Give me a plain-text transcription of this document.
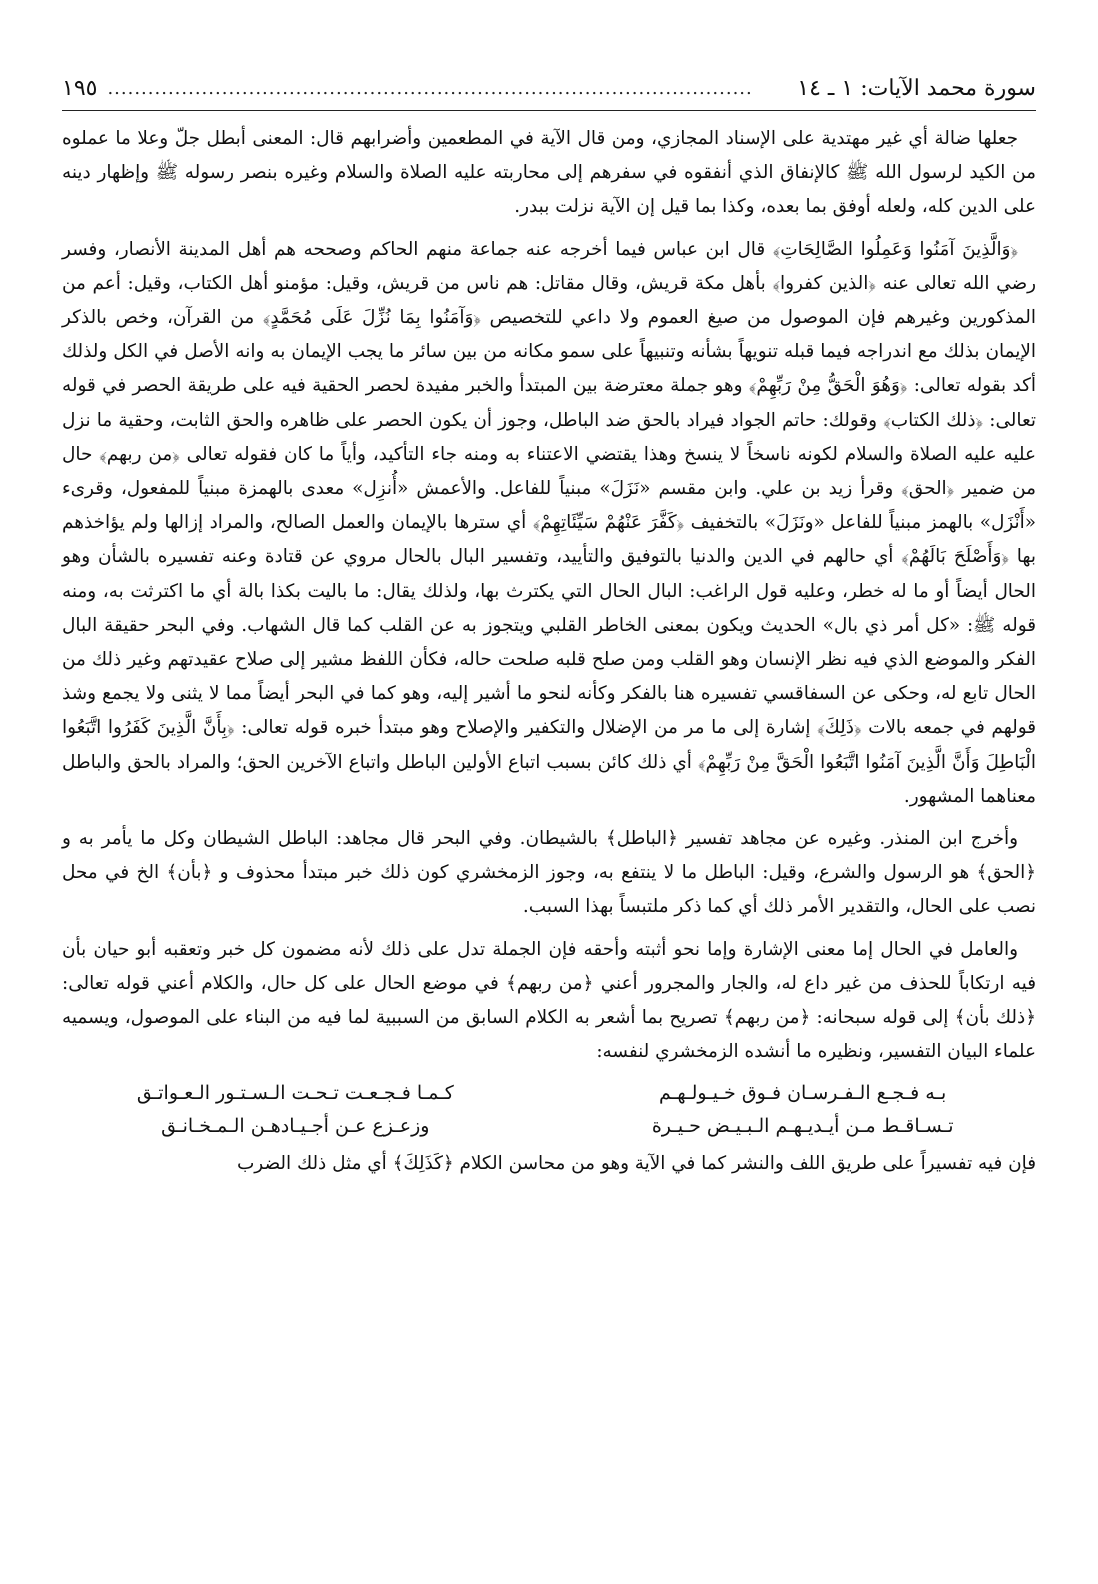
سورة محمد الآيات: ١ ـ ١٤
................................................................................................
١٩٥

جعلها ضالة أي غير مهتدية على الإسناد المجازي، ومن قال الآية في المطعمين وأضرابهم قال: المعنى أبطل جلّ وعلا ما عملوه من الكيد لرسول الله ﷺ كالإنفاق الذي أنفقوه في سفرهم إلى محاربته عليه الصلاة والسلام وغيره بنصر رسوله ﷺ وإظهار دينه على الدين كله، ولعله أوفق بما بعده، وكذا بما قيل إن الآية نزلت ببدر.

﴿وَالَّذِينَ آمَنُوا وَعَمِلُوا الصَّالِحَاتِ﴾ قال ابن عباس فيما أخرجه عنه جماعة منهم الحاكم وصححه هم أهل المدينة الأنصار، وفسر رضي الله تعالى عنه ﴿الذين كفروا﴾ بأهل مكة قريش، وقال مقاتل: هم ناس من قريش، وقيل: مؤمنو أهل الكتاب، وقيل: أعم من المذكورين وغيرهم فإن الموصول من صيغ العموم ولا داعي للتخصيص ﴿وَآمَنُوا بِمَا نُزِّلَ عَلَى مُحَمَّدٍ﴾ من القرآن، وخص بالذكر الإيمان بذلك مع اندراجه فيما قبله تنويهاً بشأنه وتنبيهاً على سمو مكانه من بين سائر ما يجب الإيمان به وانه الأصل في الكل ولذلك أكد بقوله تعالى: ﴿وَهُوَ الْحَقُّ مِنْ رَبِّهِمْ﴾ وهو جملة معترضة بين المبتدأ والخبر مفيدة لحصر الحقية فيه على طريقة الحصر في قوله تعالى: ﴿ذلك الكتاب﴾ وقولك: حاتم الجواد فيراد بالحق ضد الباطل، وجوز أن يكون الحصر على ظاهره والحق الثابت، وحقية ما نزل عليه عليه الصلاة والسلام لكونه ناسخاً لا ينسخ وهذا يقتضي الاعتناء به ومنه جاء التأكيد، وأياً ما كان فقوله تعالى ﴿من ربهم﴾ حال من ضمير ﴿الحق﴾ وقرأ زيد بن علي. وابن مقسم «نَزَلَ» مبنياً للفاعل. والأعمش «أُنزِل» معدى بالهمزة مبنياً للمفعول، وقرىء «أَنْزَل» بالهمز مبنياً للفاعل «ونَزَلَ» بالتخفيف ﴿كَفَّرَ عَنْهُمْ سَيِّئَاتِهِمْ﴾ أي سترها بالإيمان والعمل الصالح، والمراد إزالها ولم يؤاخذهم بها ﴿وَأَصْلَحَ بَالَهُمْ﴾ أي حالهم في الدين والدنيا بالتوفيق والتأييد، وتفسير البال بالحال مروي عن قتادة وعنه تفسيره بالشأن وهو الحال أيضاً أو ما له خطر، وعليه قول الراغب: البال الحال التي يكترث بها، ولذلك يقال: ما باليت بكذا بالة أي ما اكترثت به، ومنه قوله ﷺ: «كل أمر ذي بال» الحديث ويكون بمعنى الخاطر القلبي ويتجوز به عن القلب كما قال الشهاب. وفي البحر حقيقة البال الفكر والموضع الذي فيه نظر الإنسان وهو القلب ومن صلح قلبه صلحت حاله، فكأن اللفظ مشير إلى صلاح عقيدتهم وغير ذلك من الحال تابع له، وحكى عن السفاقسي تفسيره هنا بالفكر وكأنه لنحو ما أشير إليه، وهو كما في البحر أيضاً مما لا يثنى ولا يجمع وشذ قولهم في جمعه بالات ﴿ذَلِكَ﴾ إشارة إلى ما مر من الإضلال والتكفير والإصلاح وهو مبتدأ خبره قوله تعالى: ﴿بِأَنَّ الَّذِينَ كَفَرُوا اتَّبَعُوا الْبَاطِلَ وَأَنَّ الَّذِينَ آمَنُوا اتَّبَعُوا الْحَقَّ مِنْ رَبِّهِمْ﴾ أي ذلك كائن بسبب اتباع الأولين الباطل واتباع الآخرين الحق؛ والمراد بالحق والباطل معناهما المشهور.

وأخرج ابن المنذر. وغيره عن مجاهد تفسير ﴿الباطل﴾ بالشيطان. وفي البحر قال مجاهد: الباطل الشيطان وكل ما يأمر به و ﴿الحق﴾ هو الرسول والشرع، وقيل: الباطل ما لا ينتفع به، وجوز الزمخشري كون ذلك خبر مبتدأ محذوف و ﴿بأن﴾ الخ في محل نصب على الحال، والتقدير الأمر ذلك أي كما ذكر ملتبساً بهذا السبب.

والعامل في الحال إما معنى الإشارة وإما نحو أثبته وأحقه فإن الجملة تدل على ذلك لأنه مضمون كل خبر وتعقبه أبو حيان بأن فيه ارتكاباً للحذف من غير داع له، والجار والمجرور أعني ﴿من ربهم﴾ في موضع الحال على كل حال، والكلام أعني قوله تعالى: ﴿ذلك بأن﴾ إلى قوله سبحانه: ﴿من ربهم﴾ تصريح بما أشعر به الكلام السابق من السببية لما فيه من البناء على الموصول، ويسميه علماء البيان التفسير، ونظيره ما أنشده الزمخشري لنفسه:

بـه فـجـع الـفـرسـان فـوق خـيـولـهـم
كـمـا فـجـعـت تـحـت الـسـتـور الـعـواتـق
تـسـاقـط مـن أيـديـهـم الـبـيـض حـيـرة
وزعـزع عـن أجـيـادهـن الـمـخـانـق

فإن فيه تفسيراً على طريق اللف والنشر كما في الآية وهو من محاسن الكلام ﴿كَذَلِكَ﴾ أي مثل ذلك الضرب
